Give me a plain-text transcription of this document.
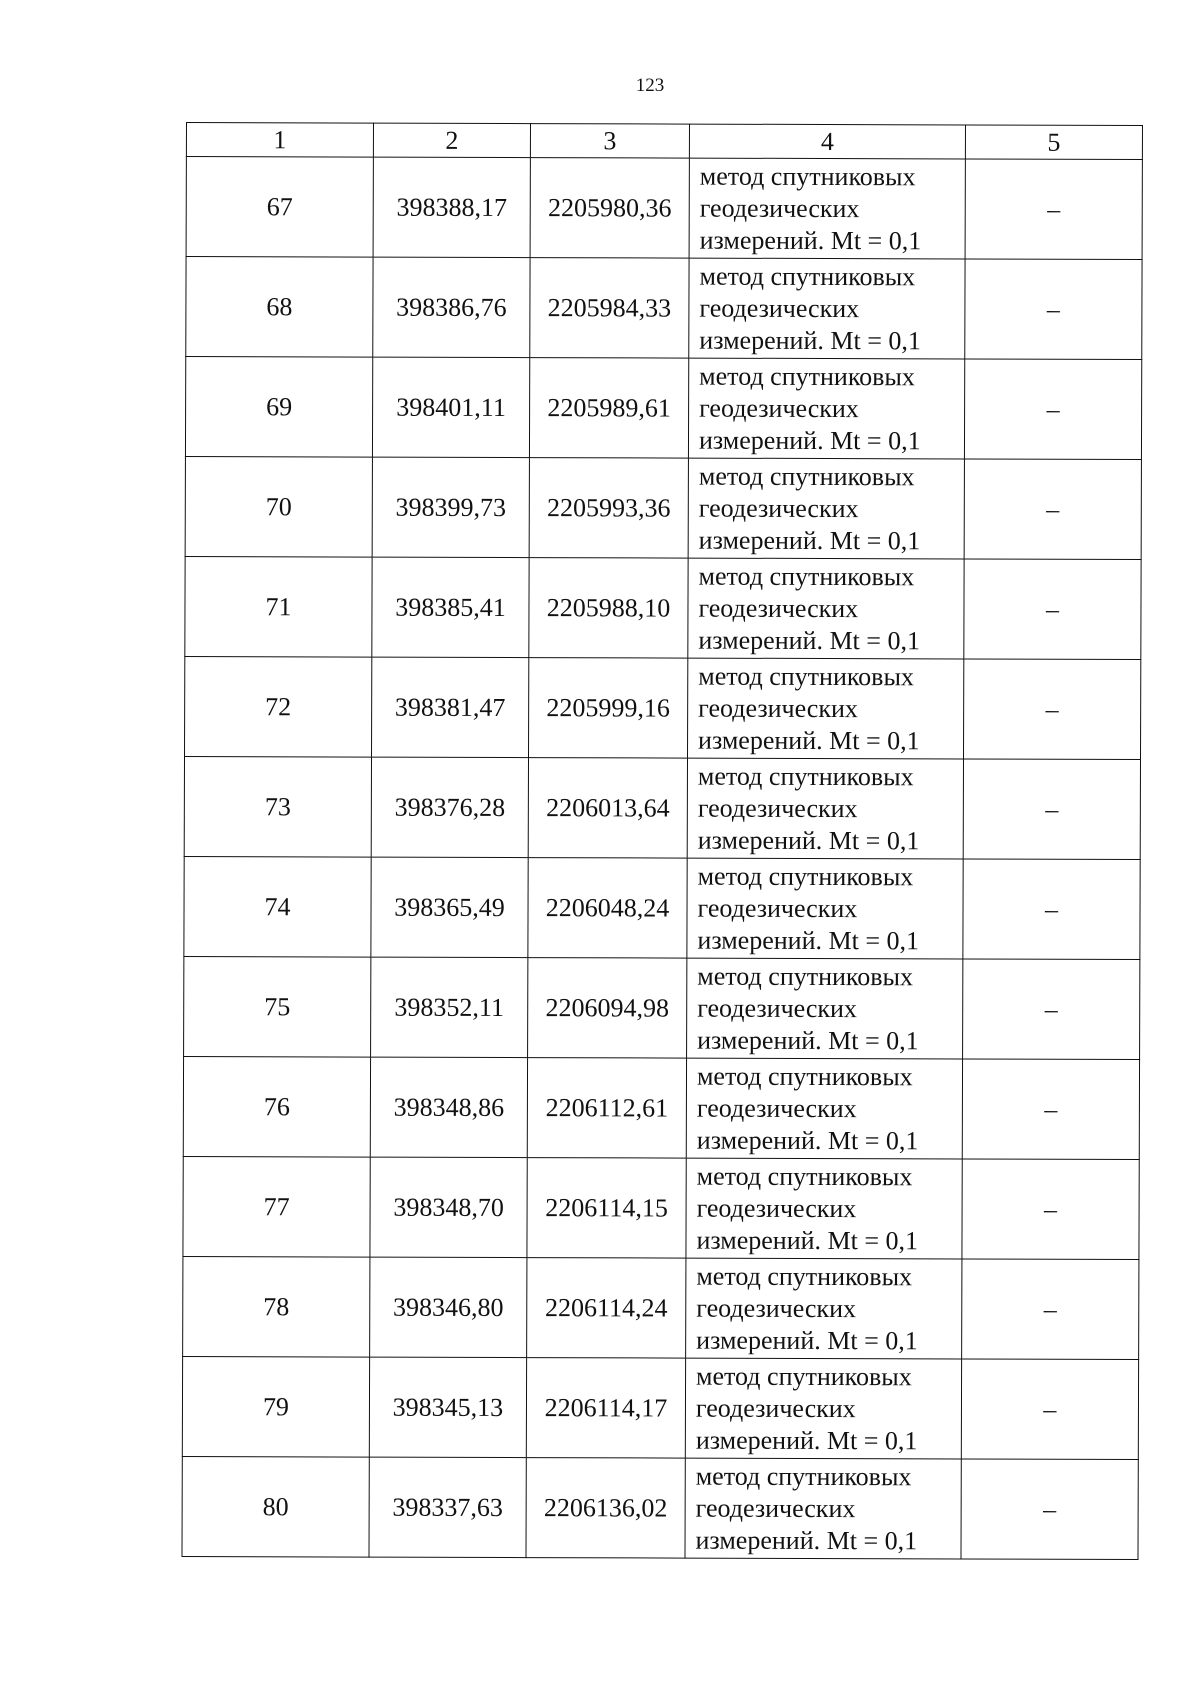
123
1	2	3	4	5
67	398388,17	2205980,36	метод спутниковых
геодезических
измерений. Mt = 0,1	–
68	398386,76	2205984,33	метод спутниковых
геодезических
измерений. Mt = 0,1	–
69	398401,11	2205989,61	метод спутниковых
геодезических
измерений. Mt = 0,1	–
70	398399,73	2205993,36	метод спутниковых
геодезических
измерений. Mt = 0,1	–
71	398385,41	2205988,10	метод спутниковых
геодезических
измерений. Mt = 0,1	–
72	398381,47	2205999,16	метод спутниковых
геодезических
измерений. Mt = 0,1	–
73	398376,28	2206013,64	метод спутниковых
геодезических
измерений. Mt = 0,1	–
74	398365,49	2206048,24	метод спутниковых
геодезических
измерений. Mt = 0,1	–
75	398352,11	2206094,98	метод спутниковых
геодезических
измерений. Mt = 0,1	–
76	398348,86	2206112,61	метод спутниковых
геодезических
измерений. Mt = 0,1	–
77	398348,70	2206114,15	метод спутниковых
геодезических
измерений. Mt = 0,1	–
78	398346,80	2206114,24	метод спутниковых
геодезических
измерений. Mt = 0,1	–
79	398345,13	2206114,17	метод спутниковых
геодезических
измерений. Mt = 0,1	–
80	398337,63	2206136,02	метод спутниковых
геодезических
измерений. Mt = 0,1	–
